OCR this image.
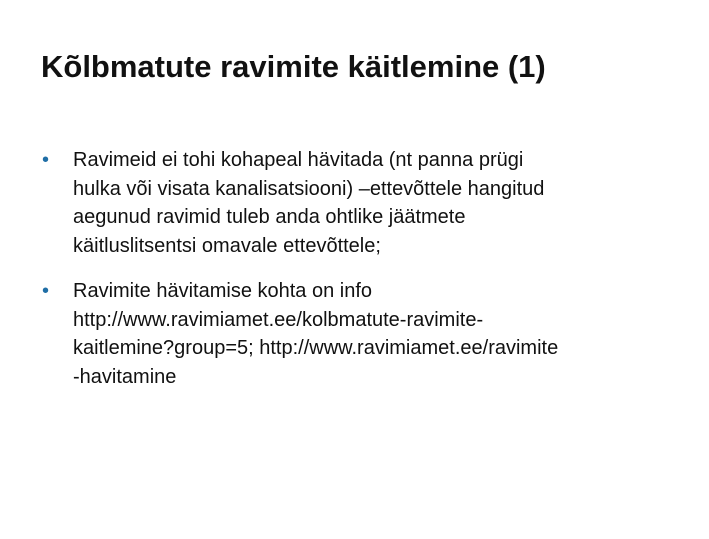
Kõlbmatute ravimite käitlemine (1)
• Ravimeid ei tohi kohapeal hävitada (nt panna prügi
hulka või visata kanalisatsiooni) –ettevõttele hangitud
aegunud ravimid tuleb anda ohtlike jäätmete
käitluslitsentsi omavale ettevõttele;
• Ravimite hävitamise kohta on info
http://www.ravimiamet.ee/kolbmatute-ravimite-
kaitlemine?group=5; http://www.ravimiamet.ee/ravimite
-havitamine
